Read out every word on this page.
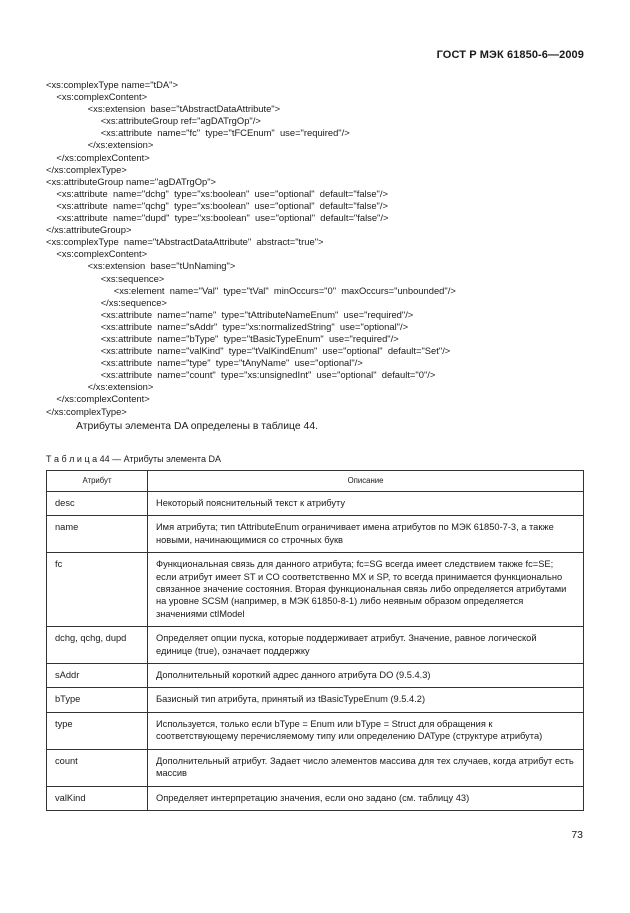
ГОСТ Р МЭК 61850-6—2009
<xs:complexType name="tDA">
<xs:complexContent>
<xs:extension  base="tAbstractDataAttribute">
<xs:attributeGroup ref="agDATrgOp"/>
<xs:attribute  name="fc"  type="tFCEnum"  use="required"/>
</xs:extension>
</xs:complexContent>
</xs:complexType>
<xs:attributeGroup name="agDATrgOp">
<xs:attribute  name="dchg"  type="xs:boolean"  use="optional"  default="false"/>
<xs:attribute  name="qchg"  type="xs:boolean"  use="optional"  default="false"/>
<xs:attribute  name="dupd"  type="xs:boolean"  use="optional"  default="false"/>
</xs:attributeGroup>
<xs:complexType  name="tAbstractDataAttribute"  abstract="true">
<xs:complexContent>
<xs:extension  base="tUnNaming">
<xs:sequence>
<xs:element  name="Val"  type="tVal"  minOccurs="0"  maxOccurs="unbounded"/>
</xs:sequence>
<xs:attribute  name="name"  type="tAttributeNameEnum"  use="required"/>
<xs:attribute  name="sAddr"  type="xs:normalizedString"  use="optional"/>
<xs:attribute  name="bType"  type="tBasicTypeEnum"  use="required"/>
<xs:attribute  name="valKind"  type="tValKindEnum"  use="optional"  default="Set"/>
<xs:attribute  name="type"  type="tAnyName"  use="optional"/>
<xs:attribute  name="count"  type="xs:unsignedInt"  use="optional"  default="0"/>
</xs:extension>
</xs:complexContent>
</xs:complexType>
Атрибуты элемента DA определены в таблице 44.
Т а б л и ц а 44 — Атрибуты элемента DA
Атрибут	Описание
desc	Некоторый пояснительный текст к атрибуту
name	Имя атрибута; тип tAttributeEnum ограничивает имена атрибутов по МЭК 61850-7-3, а также новыми, начинающимися со строчных букв
fc	Функциональная связь для данного атрибута; fc=SG всегда имеет следствием также fc=SE; если атрибут имеет ST и CO соответственно MX и SP, то всегда принимается функционально связанное значение состояния. Вторая функциональная связь либо определяется атрибутами на уровне SCSM (например, в МЭК 61850-8-1) либо неявным образом определяется значениями ctlModel
dchg, qchg, dupd	Определяет опции пуска, которые поддерживает атрибут. Значение, равное логической единице (true), означает поддержку
sAddr	Дополнительный короткий адрес данного атрибута DO (9.5.4.3)
bType	Базисный тип атрибута, принятый из tBasicTypeEnum (9.5.4.2)
type	Используется, только если bType = Enum или bType = Struct для обращения к соответствующему перечисляемому типу или определению DAType (структуре атрибута)
count	Дополнительный атрибут. Задает число элементов массива для тех случаев, когда атрибут есть массив
valKind	Определяет интерпретацию значения, если оно задано (см. таблицу 43)
73
